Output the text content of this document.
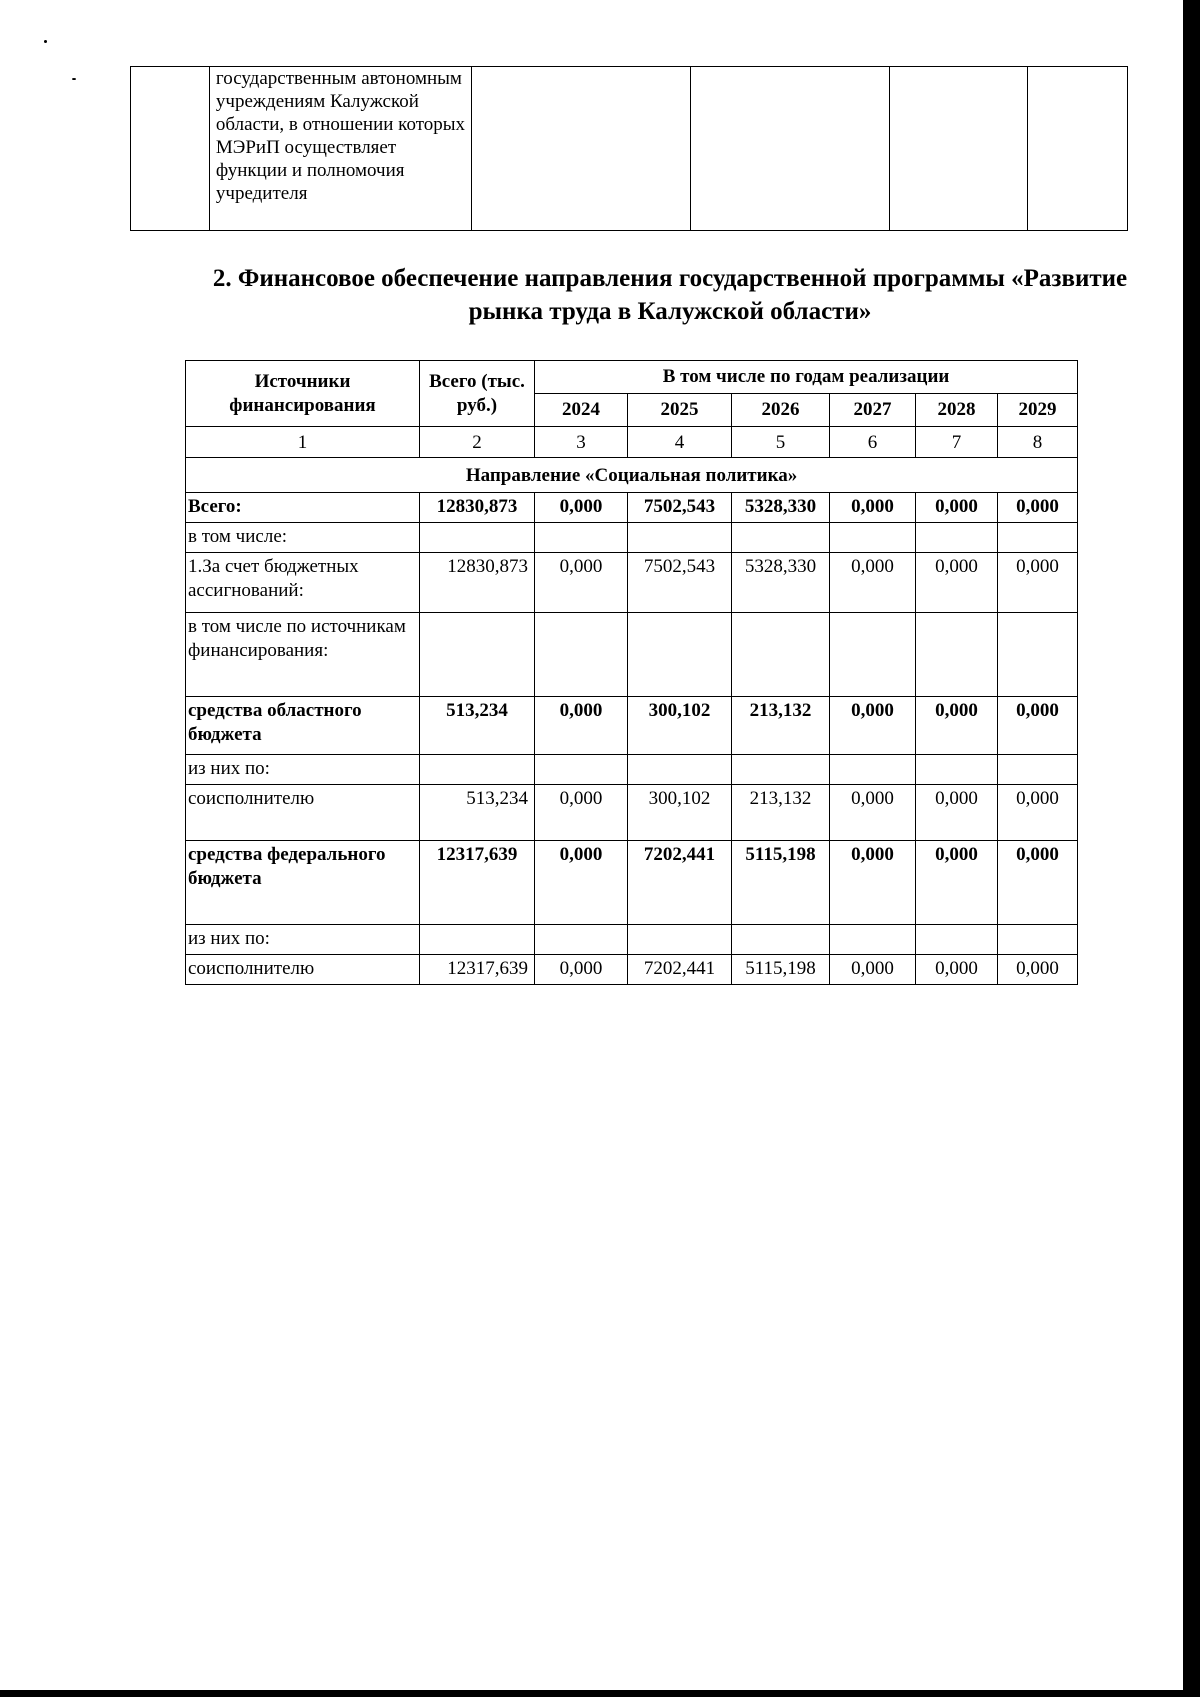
	государственным автономным учреждениям Калужской области, в отношении которых МЭРиП осуществляет функции и полномочия учредителя				
2. Финансовое обеспечение направления государственной программы «Развитие рынка труда в Калужской области»
Источники финансирования	Всего (тыс. руб.)	В том числе по годам реализации					
		2024	2025	2026	2027	2028	2029
1	2	3	4	5	6	7	8
Направление «Социальная политика»							
Всего:	12830,873	0,000	7502,543	5328,330	0,000	0,000	0,000
в том числе:							
1.За счет бюджетных ассигнований:	12830,873	0,000	7502,543	5328,330	0,000	0,000	0,000
в том числе по источникам финансирования:							
средства областного бюджета	513,234	0,000	300,102	213,132	0,000	0,000	0,000
из них по:							
соисполнителю	513,234	0,000	300,102	213,132	0,000	0,000	0,000
средства федерального бюджета	12317,639	0,000	7202,441	5115,198	0,000	0,000	0,000
из них по:							
соисполнителю	12317,639	0,000	7202,441	5115,198	0,000	0,000	0,000
